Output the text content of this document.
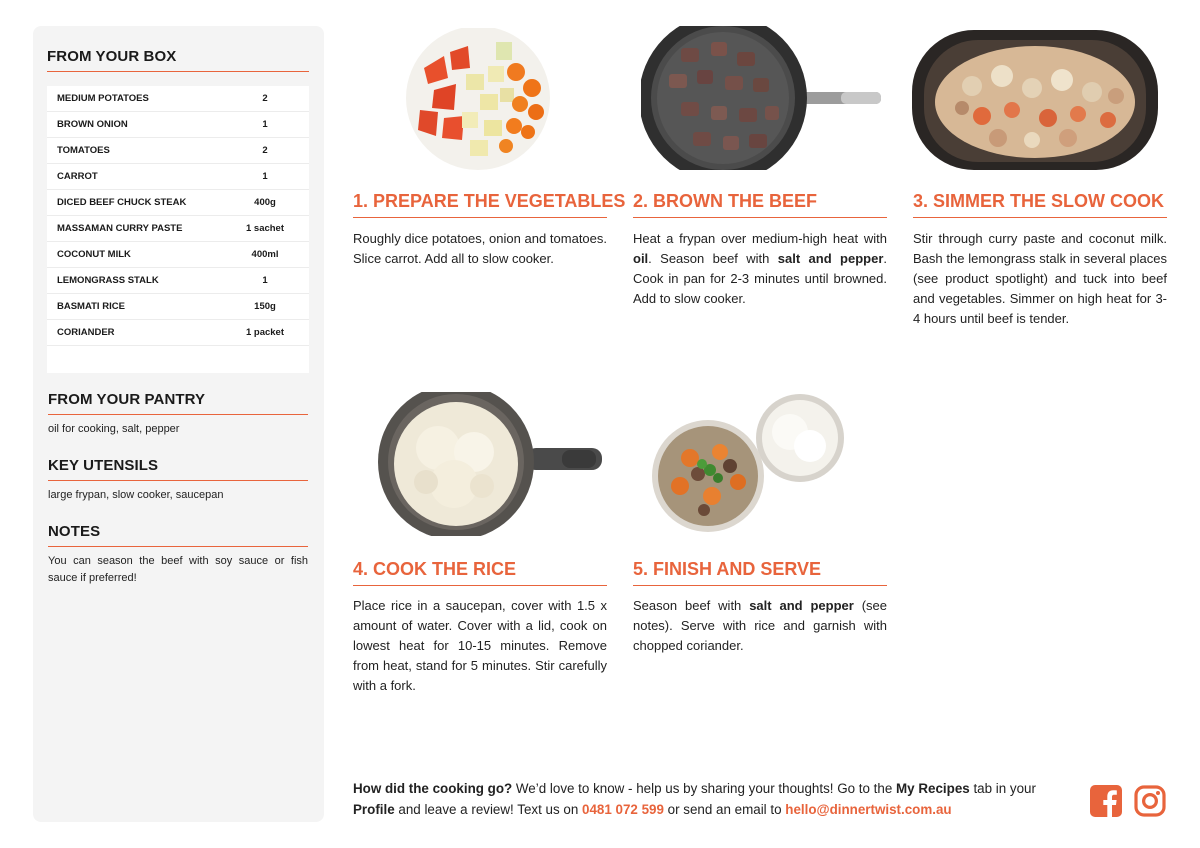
FROM YOUR BOX
MEDIUM POTATOES	2
BROWN ONION	1
TOMATOES	2
CARROT	1
DICED BEEF CHUCK STEAK	400g
MASSAMAN CURRY PASTE	1 sachet
COCONUT MILK	400ml
LEMONGRASS STALK	1
BASMATI RICE	150g
CORIANDER	1 packet
FROM YOUR PANTRY
oil for cooking, salt, pepper
KEY UTENSILS
large frypan, slow cooker, saucepan
NOTES
You can season the beef with soy sauce or fish sauce if preferred!
1. PREPARE THE VEGETABLES
Roughly dice potatoes, onion and tomatoes. Slice carrot. Add all to slow cooker.
2. BROWN THE BEEF
Heat a frypan over medium-high heat with oil. Season beef with salt and pepper. Cook in pan for 2-3 minutes until browned. Add to slow cooker.
3. SIMMER THE SLOW COOK
Stir through curry paste and coconut milk. Bash the lemongrass stalk in several places (see product spotlight) and tuck into beef and vegetables. Simmer on high heat for 3-4 hours until beef is tender.
4. COOK THE RICE
Place rice in a saucepan, cover with 1.5 x amount of water. Cover with a lid, cook on lowest heat for 10-15 minutes. Remove from heat, stand for 5 minutes. Stir carefully with a fork.
5. FINISH AND SERVE
Season beef with salt and pepper (see notes). Serve with rice and garnish with chopped coriander.
How did the cooking go? We’d love to know - help us by sharing your thoughts! Go to the My Recipes tab in your Profile and leave a review! Text us on 0481 072 599 or send an email to hello@dinnertwist.com.au
